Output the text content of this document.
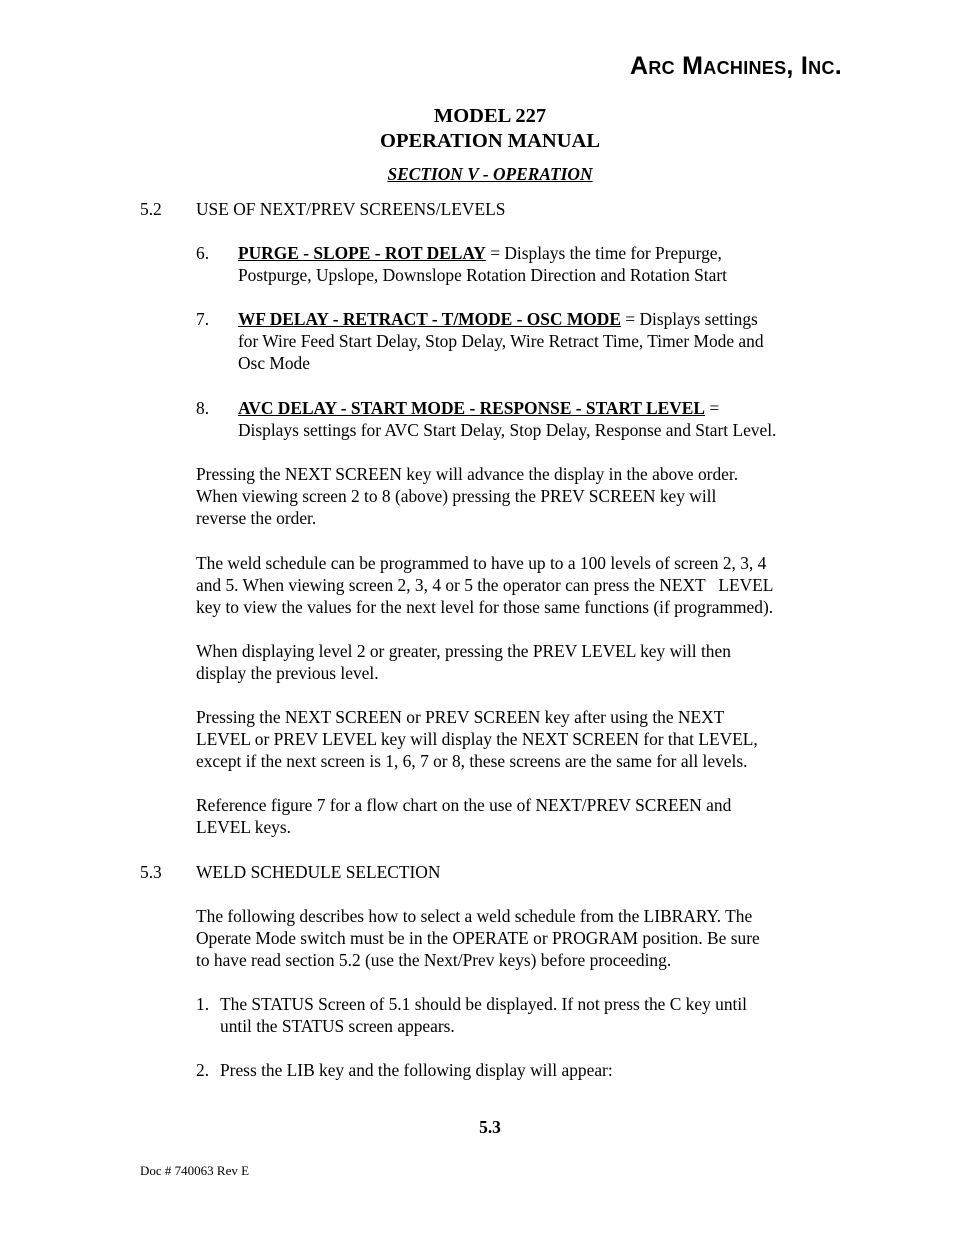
Arc Machines, Inc.
MODEL 227
OPERATION MANUAL
SECTION V - OPERATION
5.2 USE OF NEXT/PREV SCREENS/LEVELS
6. PURGE - SLOPE - ROT DELAY = Displays the time for Prepurge,
Postpurge, Upslope, Downslope Rotation Direction and Rotation Start
7. WF DELAY - RETRACT - T/MODE - OSC MODE = Displays settings
for Wire Feed Start Delay, Stop Delay, Wire Retract Time, Timer Mode and
Osc Mode
8. AVC DELAY - START MODE - RESPONSE - START LEVEL =
Displays settings for AVC Start Delay, Stop Delay, Response and Start Level.
Pressing the NEXT SCREEN key will advance the display in the above order.
When viewing screen 2 to 8 (above) pressing the PREV SCREEN key will
reverse the order.
The weld schedule can be programmed to have up to a 100 levels of screen 2, 3, 4
and 5. When viewing screen 2, 3, 4 or 5 the operator can press the NEXT   LEVEL
key to view the values for the next level for those same functions (if programmed).
When displaying level 2 or greater, pressing the PREV LEVEL key will then
display the previous level.
Pressing the NEXT SCREEN or PREV SCREEN key after using the NEXT
LEVEL or PREV LEVEL key will display the NEXT SCREEN for that LEVEL,
except if the next screen is 1, 6, 7 or 8, these screens are the same for all levels.
Reference figure 7 for a flow chart on the use of NEXT/PREV SCREEN and
LEVEL keys.
5.3 WELD SCHEDULE SELECTION
The following describes how to select a weld schedule from the LIBRARY. The
Operate Mode switch must be in the OPERATE or PROGRAM position. Be sure
to have read section 5.2 (use the Next/Prev keys) before proceeding.
1. The STATUS Screen of 5.1 should be displayed. If not press the C key until
until the STATUS screen appears.
2. Press the LIB key and the following display will appear:
5.3
Doc # 740063 Rev E
